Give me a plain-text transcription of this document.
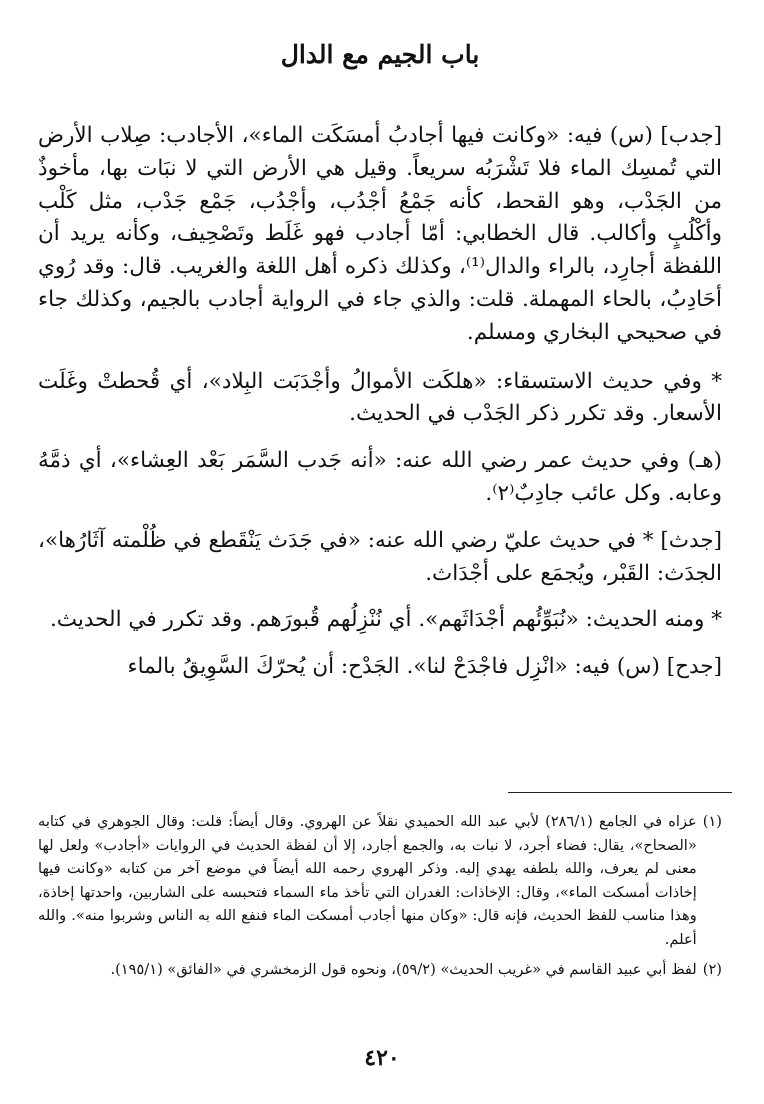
باب الجيم مع الدال

[جدب] (س) فيه: «وكانت فيها أجادبُ أمسَكَت الماء»، الأجادب: صِلاب الأرض التي تُمسِك الماء فلا تَشْرَبُه سريعاً. وقيل هي الأرض التي لا نبَات بها، مأخوذٌ من الجَدْب، وهو القحط، كأنه جَمْعُ أجْدُب، وأجْدُب، جَمْع جَدْب، مثل كَلْب وأكْلُبٍ وأكالب. قال الخطابي: أمّا أجادب فهو غَلَط وتَصْحِيف، وكأنه يريد أن اللفظة أجارِد، بالراء والدال⁽¹⁾، وكذلك ذكره أهل اللغة والغريب. قال: وقد رُوي أحَادِبُ، بالحاء المهملة. قلت: والذي جاء في الرواية أجادب بالجيم، وكذلك جاء في صحيحي البخاري ومسلم.

* وفي حديث الاستسقاء: «هلكَت الأموالُ وأجْدَبَت البِلاد»، أي قُحطتْ وغَلَت الأسعار. وقد تكرر ذكر الجَدْب في الحديث.

(هـ) وفي حديث عمر رضي الله عنه: «أنه جَدب السَّمَر بَعْد العِشاء»، أي ذمَّهُ وعابه. وكل عائب جادِبٌ⁽٢⁾.

[جدث] * في حديث عليّ رضي الله عنه: «في جَدَث يَنْقَطع في ظُلْمته آثَارُها»، الجدَث: القَبْر، ويُجمَع على أجْدَاث.

* ومنه الحديث: «نُبَوِّئُهم أجْدَاثَهم». أي نُنْزِلُهم قُبورَهم. وقد تكرر في الحديث.

[جدح] (س) فيه: «انْزِل فاجْدَحْ لنا». الجَدْح: أن يُحرّكَ السَّوِيقُ بالماء

(١)
عزاه في الجامع (٢٨٦/١) لأبي عبد الله الحميدي نقلاً عن الهروي. وقال أيضاً: قلت: وقال الجوهري في كتابه «الصحاح»، يقال: فضاء أجرد، لا نبات به، والجمع أجارد، إلا أن لفظة الحديث في الروايات «أجادب» ولعل لها معنى لم يعرف، والله بلطفه يهدي إليه. وذكر الهروي رحمه الله أيضاً في موضع آخر من كتابه «وكانت فيها إخاذات أمسكت الماء»، وقال: الإخاذات: الغدران التي تأخذ ماء السماء فتحبسه على الشاربين، واحدتها إخاذة، وهذا مناسب للفظ الحديث، فإنه قال: «وكان منها أجادب أمسكت الماء فنفع الله به الناس وشربوا منه». والله أعلم.
(٢)
لفظ أبي عبيد القاسم في «غريب الحديث» (٥٩/٢)، ونحوه قول الزمخشري في «الفائق» (١٩٥/١).
٤٢٠
